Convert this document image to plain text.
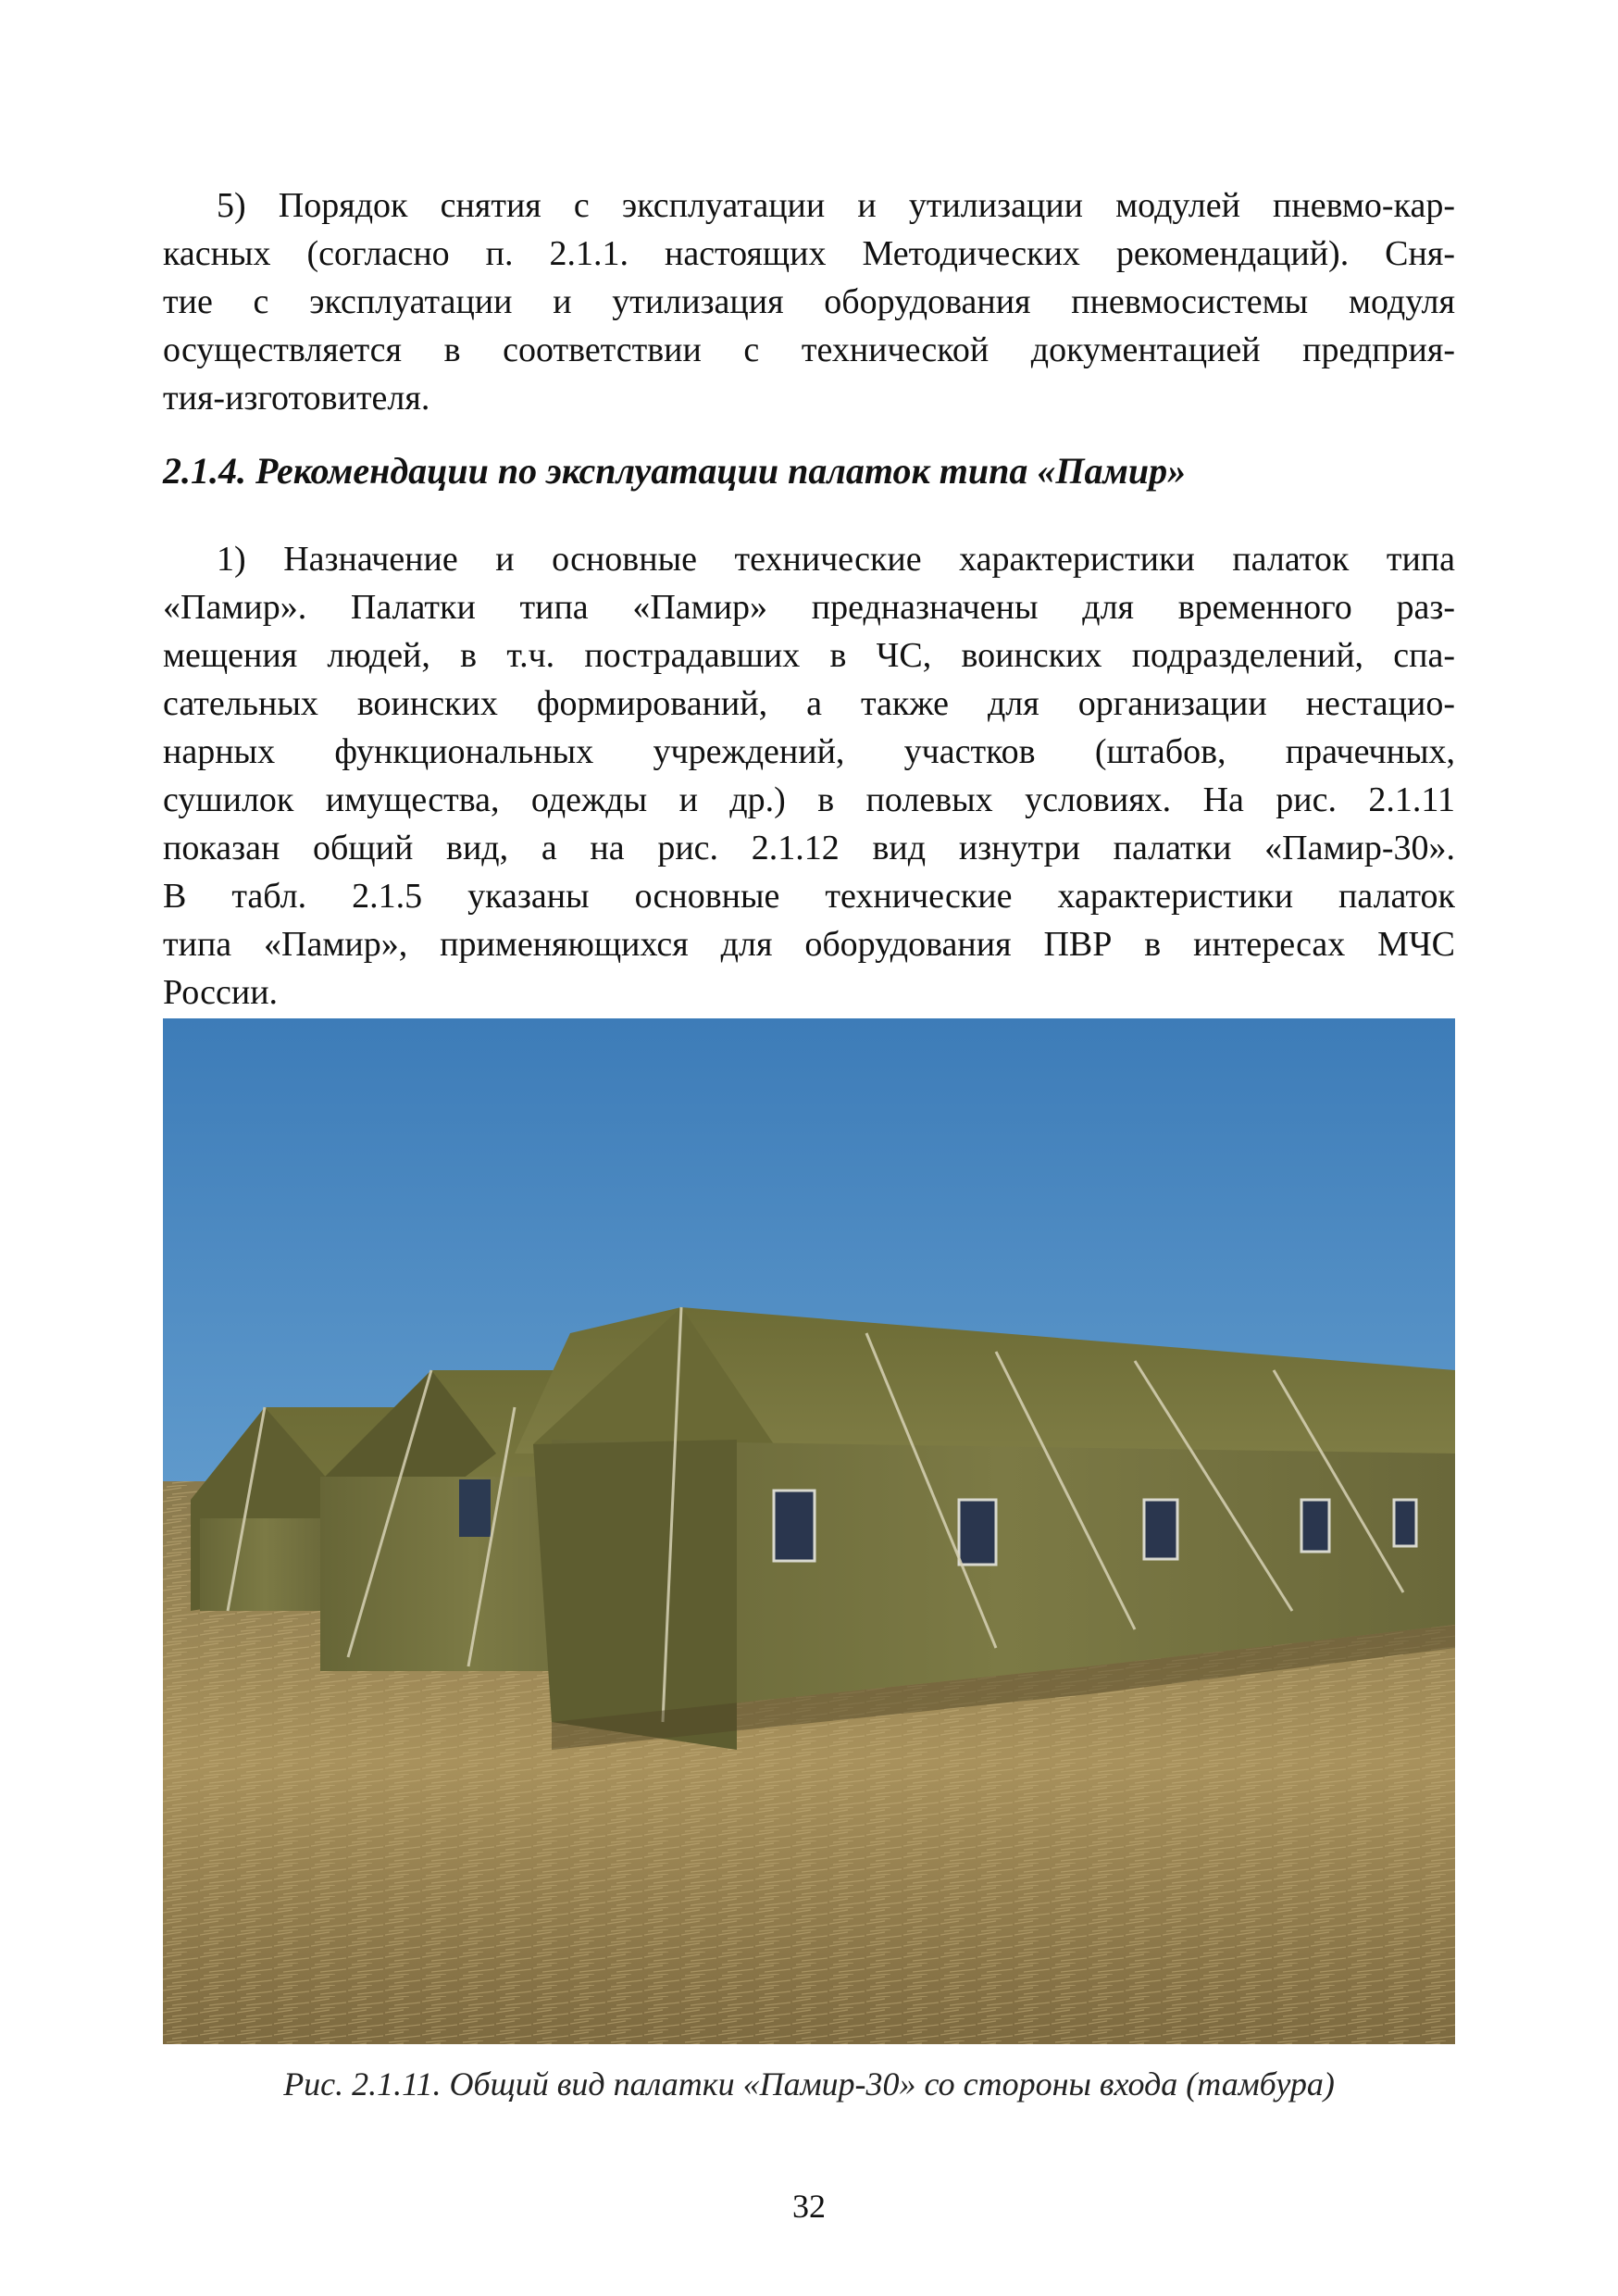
5) Порядок снятия с эксплуатации и утилизации модулей пневмо-кар-
касных (согласно п. 2.1.1. настоящих Методических рекомендаций). Сня-
тие с эксплуатации и утилизация оборудования пневмосистемы модуля
осуществляется в соответствии с технической документацией предприя-
тия-изготовителя.

2.1.4. Рекомендации по эксплуатации палаток типа «Памир»

1) Назначение и основные технические характеристики палаток типа
«Памир». Палатки типа «Памир» предназначены для временного раз-
мещения людей, в т.ч. пострадавших в ЧС, воинских подразделений, спа-
сательных воинских формирований, а также для организации нестацио-
нарных функциональных учреждений, участков (штабов, прачечных,
сушилок имущества, одежды и др.) в полевых условиях. На рис. 2.1.11
показан общий вид, а на рис. 2.1.12 вид изнутри палатки «Памир-30».
В табл. 2.1.5 указаны основные технические характеристики палаток
типа «Памир», применяющихся для оборудования ПВР в интересах МЧС
России.

Рис. 2.1.11. Общий вид палатки «Памир-30» со стороны входа (тамбура)
32
